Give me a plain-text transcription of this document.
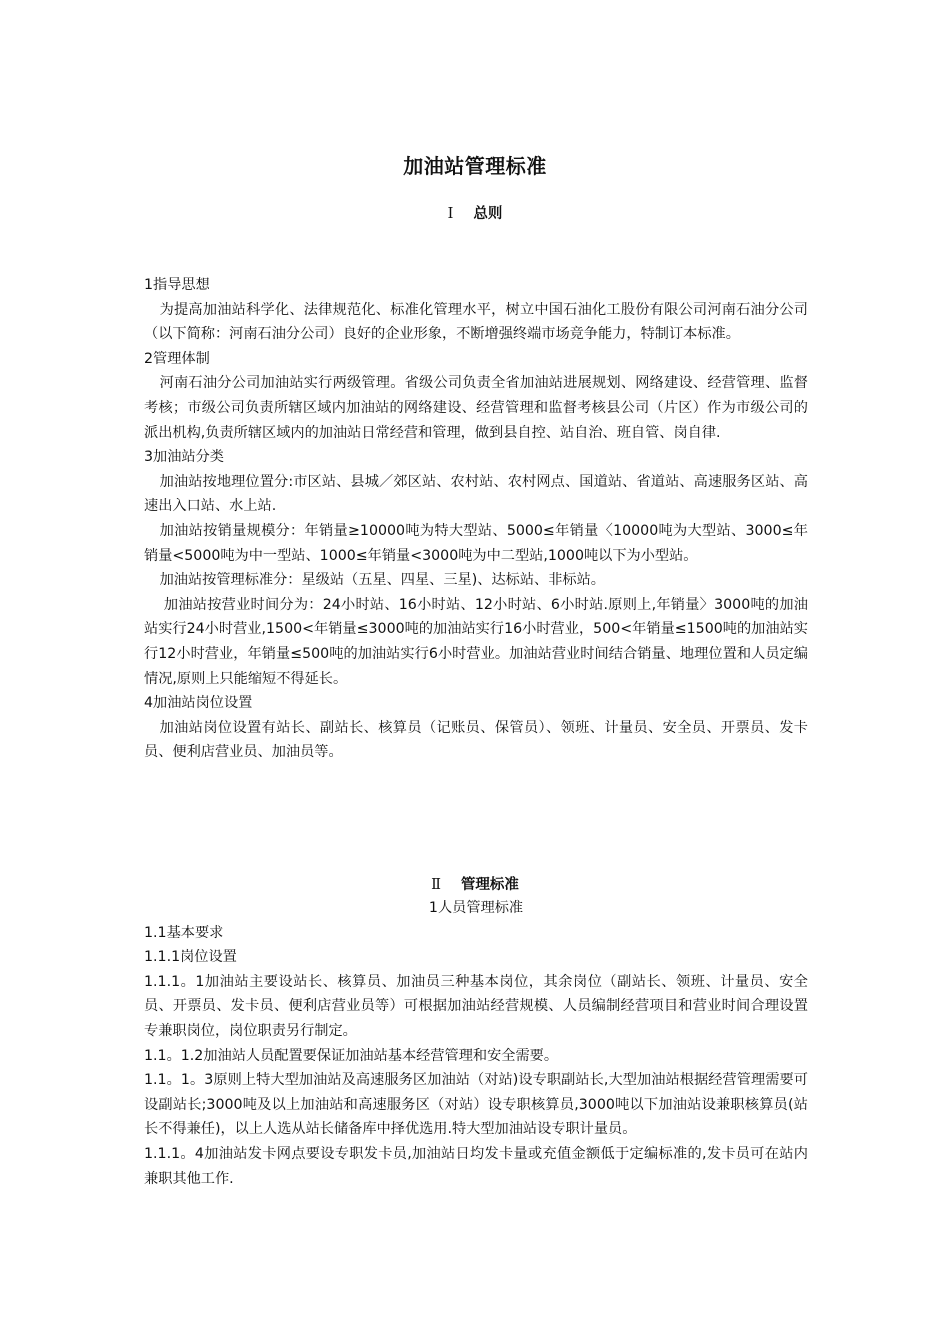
加油站管理标准
Ⅰ 总则

1指导思想

为提高加油站科学化、法律规范化、标准化管理水平，树立中国石油化工股份有限公司河南石油分公司（以下简称：河南石油分公司）良好的企业形象，不断增强终端市场竞争能力，特制订本标准。

2管理体制

河南石油分公司加油站实行两级管理。省级公司负责全省加油站进展规划、网络建设、经营管理、监督考核；市级公司负责所辖区域内加油站的网络建设、经营管理和监督考核县公司（片区）作为市级公司的派出机构,负责所辖区域内的加油站日常经营和管理，做到县自控、站自治、班自管、岗自律.

3加油站分类

加油站按地理位置分:市区站、县城／郊区站、农村站、农村网点、国道站、省道站、高速服务区站、高速出入口站、水上站.

加油站按销量规模分：年销量≥10000吨为特大型站、5000≤年销量〈10000吨为大型站、3000≤年销量<5000吨为中一型站、1000≤年销量<3000吨为中二型站,1000吨以下为小型站。

加油站按管理标准分：星级站（五星、四星、三星)、达标站、非标站。

加油站按营业时间分为：24小时站、16小时站、12小时站、6小时站.原则上,年销量〉3000吨的加油站实行24小时营业,1500<年销量≤3000吨的加油站实行16小时营业，500<年销量≤1500吨的加油站实行12小时营业，年销量≤500吨的加油站实行6小时营业。加油站营业时间结合销量、地理位置和人员定编情况,原则上只能缩短不得延长。

4加油站岗位设置

加油站岗位设置有站长、副站长、核算员（记账员、保管员）、领班、计量员、安全员、开票员、发卡员、便利店营业员、加油员等。

Ⅱ 管理标准

1人员管理标准

1.1基本要求

1.1.1岗位设置

1.1.1。1加油站主要设站长、核算员、加油员三种基本岗位，其余岗位（副站长、领班、计量员、安全员、开票员、发卡员、便利店营业员等）可根据加油站经营规模、人员编制经营项目和营业时间合理设置专兼职岗位，岗位职责另行制定。

1.1。1.2加油站人员配置要保证加油站基本经营管理和安全需要。

1.1。1。3原则上特大型加油站及高速服务区加油站（对站)设专职副站长,大型加油站根据经营管理需要可设副站长;3000吨及以上加油站和高速服务区（对站）设专职核算员,3000吨以下加油站设兼职核算员(站长不得兼任)，以上人选从站长储备库中择优选用.特大型加油站设专职计量员。

1.1.1。4加油站发卡网点要设专职发卡员,加油站日均发卡量或充值金额低于定编标准的,发卡员可在站内兼职其他工作.
